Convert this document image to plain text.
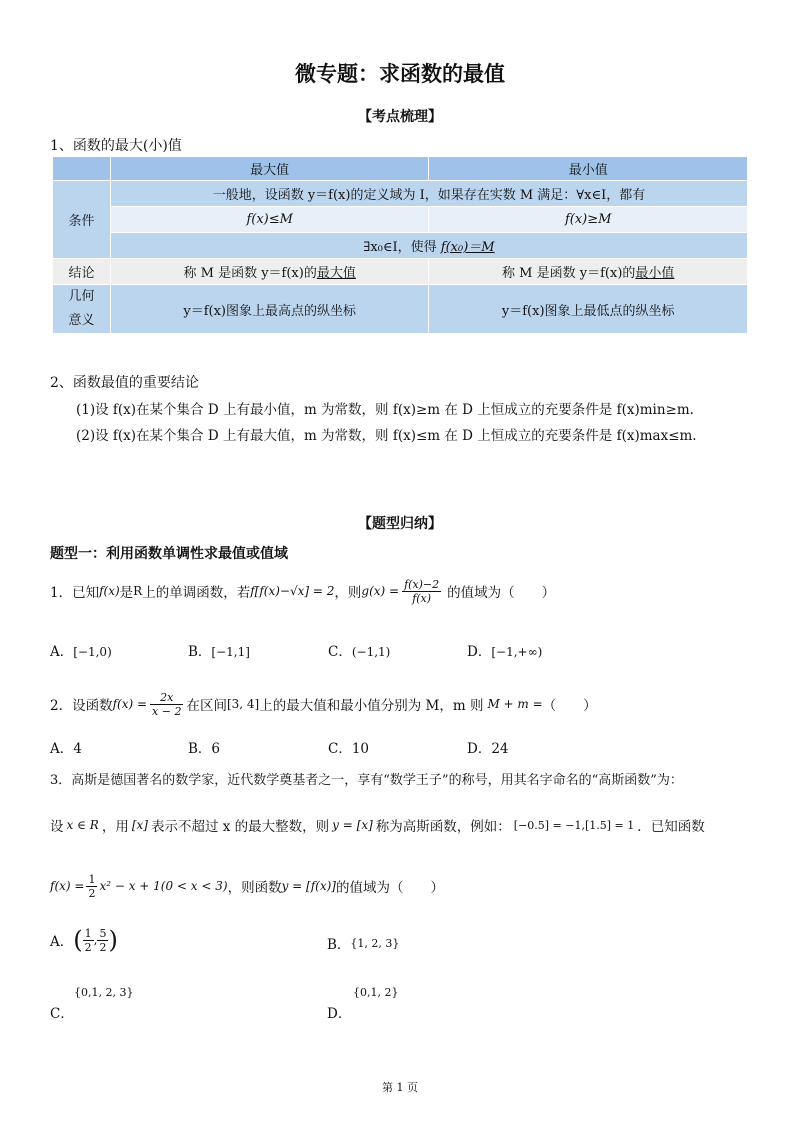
微专题：求函数的最值
【考点梳理】
1、函数的最大(小)值
	最大值	最小值
条件	一般地，设函数 y＝f(x)的定义域为 I，如果存在实数 M 满足：∀x∈I，都有	
	f(x)≤M	f(x)≥M
	∃x₀∈I，使得 f(x₀)＝M	
结论	称 M 是函数 y＝f(x)的最大值	称 M 是函数 y＝f(x)的最小值
几何
意义	y＝f(x)图象上最高点的纵坐标	y＝f(x)图象上最低点的纵坐标
2、函数最值的重要结论
(1)设 f(x)在某个集合 D 上有最小值，m 为常数，则 f(x)≥m 在 D 上恒成立的充要条件是 f(x)min≥m.
(2)设 f(x)在某个集合 D 上有最大值，m 为常数，则 f(x)≤m 在 D 上恒成立的充要条件是 f(x)max≤m.
【题型归纳】
题型一：利用函数单调性求最值或值域
1．已知 f(x) 是 R 上的单调函数，若 f[f(x)−√x] = 2 ，则 $g(x) = \frac{f(x)-2}{f(x)}$ 的值域为（　　）
A．[−1,0)	B．[−1,1]	C．(−1,1)	D．[−1,+∞)
2．设函数 $f(x) = \frac{2x}{x - 2}$ 在区间 [3, 4] 上的最大值和最小值分别为 M，m 则 M + m = （　　）
A．4	B．6	C．10	D．24
3．高斯是德国著名的数学家，近代数学奠基者之一，享有“数学王子”的称号，用其名字命名的“高斯函数”为：
设 x ∈ R ，用 [x] 表示不超过 x 的最大整数，则 y = [x] 称为高斯函数，例如： [−0.5] = −1,[1.5] = 1 ．已知函数
$f(x) = \frac{1}{2} x^2 - x + 1(0 < x < 3)$ ，则函数 y = [f(x)] 的值域为（　　）
A． ( $\frac{1}{2}$ , $\frac{5}{2}$ )	B．{1, 2, 3}
{0,1, 2, 3}
C．
{0,1, 2}
D．
第 1 页
